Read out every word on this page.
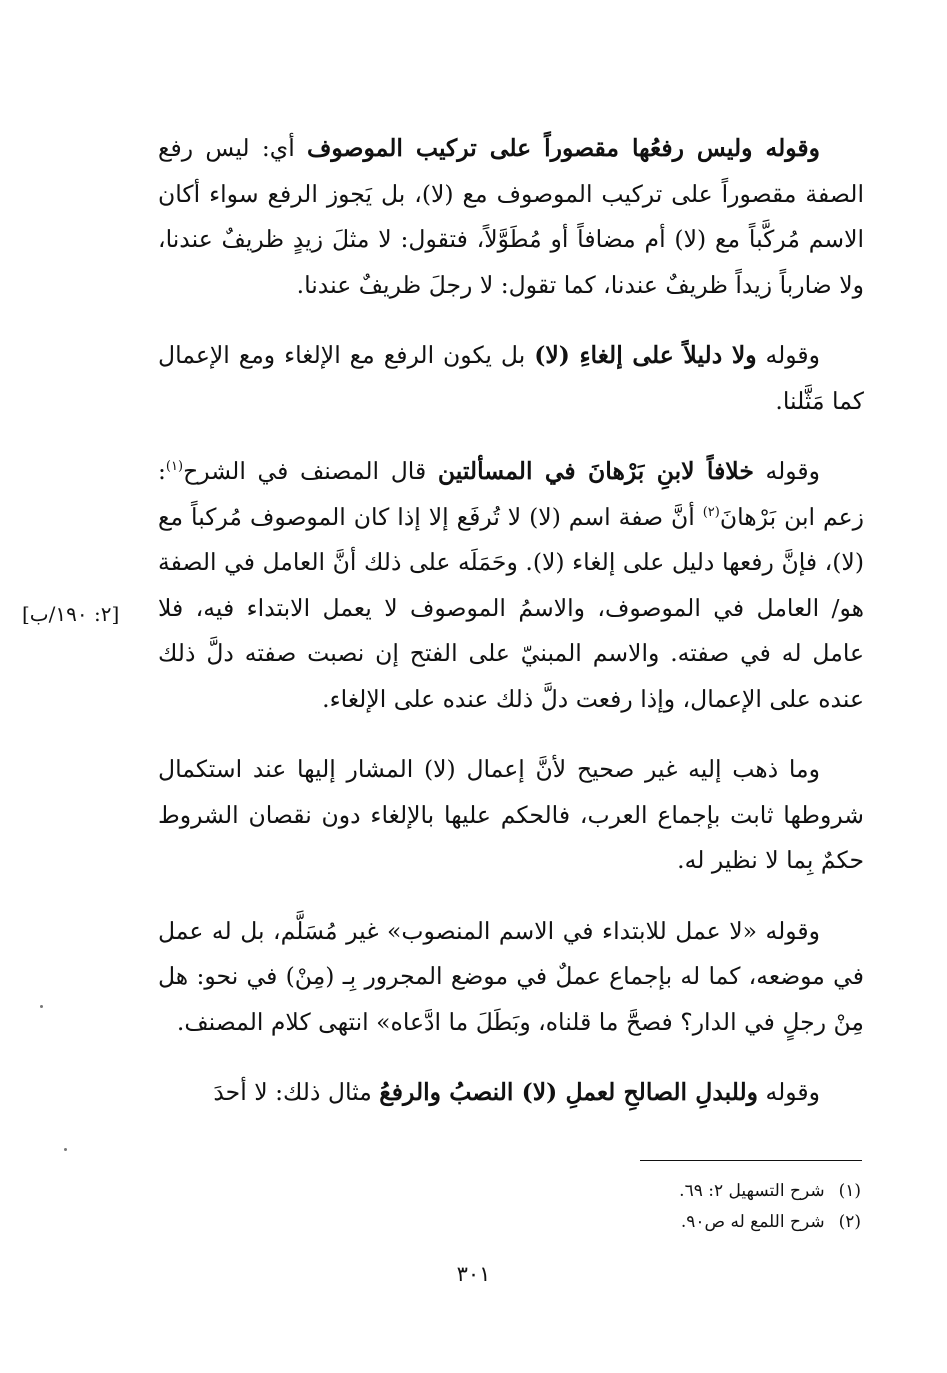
وقوله وليس رفعُها مقصوراً على تركيب الموصوف أي: ليس رفع الصفة مقصوراً على تركيب الموصوف مع (لا)، بل يَجوز الرفع سواء أكان الاسم مُركَّباً مع (لا) أم مضافاً أو مُطَوَّلاً، فتقول: لا مثلَ زيدٍ ظريفٌ عندنا، ولا ضارباً زيداً ظريفٌ عندنا، كما تقول: لا رجلَ ظريفٌ عندنا.

وقوله ولا دليلاً على إلغاءِ (لا) بل يكون الرفع مع الإلغاء ومع الإعمال كما مَثَّلنا.

وقوله خلافاً لابنِ بَرْهانَ في المسألتين قال المصنف في الشرح$^{(١)}$: زعم ابن بَرْهانَ$^{(٢)}$ أنَّ صفة اسم (لا) لا تُرفَع إلا إذا كان الموصوف مُركباً مع (لا)، فإنَّ رفعها دليل على إلغاء (لا). وحَمَلَه على ذلك أنَّ العامل في الصفة هو/ العامل في الموصوف، والاسمُ الموصوف لا يعمل الابتداء فيه، فلا عامل له في صفته. والاسم المبنيّ على الفتح إن نصبت صفته دلَّ ذلك عنده على الإعمال، وإذا رفعت دلَّ ذلك عنده على الإلغاء.

وما ذهب إليه غير صحيح لأنَّ إعمال (لا) المشار إليها عند استكمال شروطها ثابت بإجماع العرب، فالحكم عليها بالإلغاء دون نقصان الشروط حكمٌ بِما لا نظير له.

وقوله «لا عمل للابتداء في الاسم المنصوب» غير مُسَلَّم، بل له عمل في موضعه، كما له بإجماع عملٌ في موضع المجرور بِـ (مِنْ) في نحو: هل مِنْ رجلٍ في الدار؟ فصحَّ ما قلناه، وبَطَلَ ما ادَّعاه» انتهى كلام المصنف.

وقوله وللبدلِ الصالحِ لعملِ (لا) النصبُ والرفعُ مثال ذلك: لا أحدَ

[٢: ١٩٠/ب]
(١)شرح التسهيل ٢: ٦٩.
(٢)شرح اللمع له ص٩٠.
٣٠١
